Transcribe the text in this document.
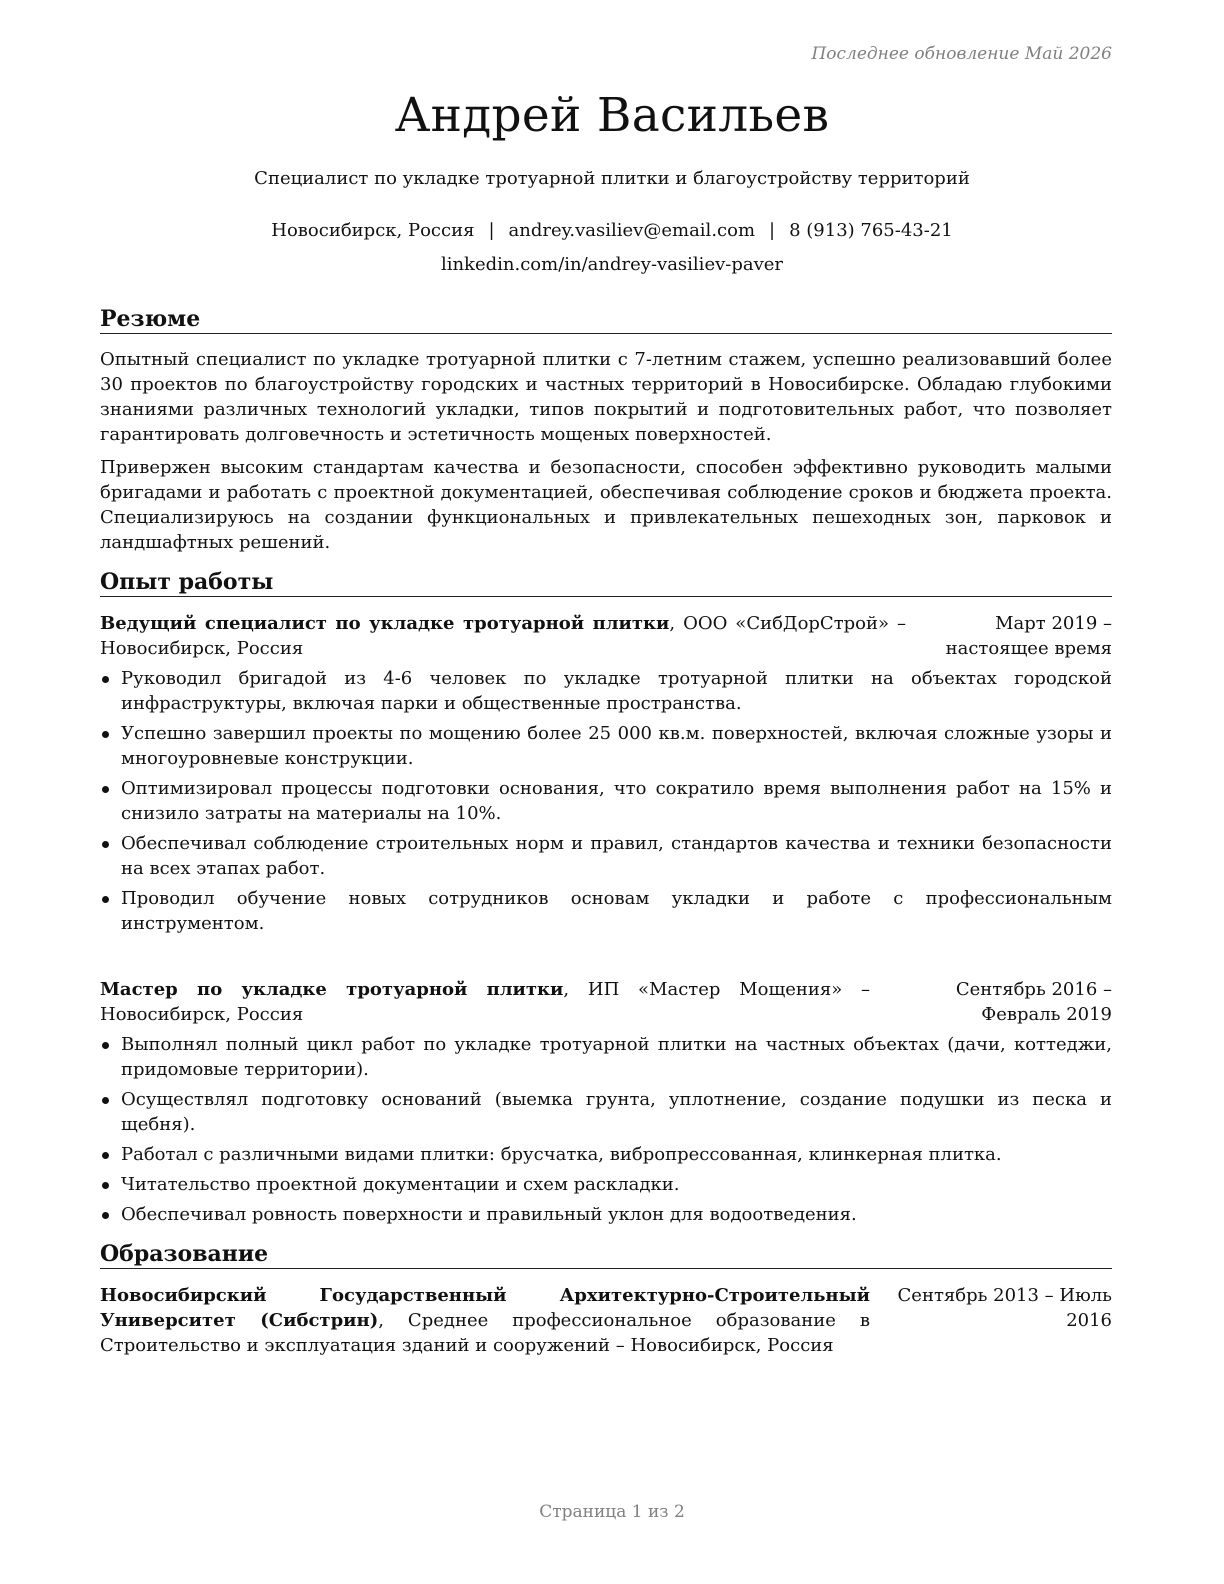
Последнее обновление Май 2026
Андрей Васильев
Специалист по укладке тротуарной плитки и благоустройству территорий
Новосибирск, Россия | andrey.vasiliev@email.com | 8 (913) 765-43-21
linkedin.com/in/andrey-vasiliev-paver
Резюме

Опытный специалист по укладке тротуарной плитки с 7-летним стажем, успешно реализовавший более 30 проектов по благоустройству городских и частных территорий в Новосибирске. Обладаю глубокими знаниями различных технологий укладки, типов покрытий и подготовительных работ, что позволяет гарантировать долговечность и эстетичность мощеных поверхностей.

Привержен высоким стандартам качества и безопасности, способен эффективно руководить малыми бригадами и работать с проектной документацией, обеспечивая соблюдение сроков и бюджета проекта. Специализируюсь на создании функциональных и привлекательных пешеходных зон, парковок и ландшафтных решений.

Опыт работы
Ведущий специалист по укладке тротуарной плитки, ООО «СибДорСтрой» – Новосибирск, Россия
Март 2019 – настоящее время
Руководил бригадой из 4-6 человек по укладке тротуарной плитки на объектах городской инфраструктуры, включая парки и общественные пространства.
Успешно завершил проекты по мощению более 25 000 кв.м. поверхностей, включая сложные узоры и многоуровневые конструкции.
Оптимизировал процессы подготовки основания, что сократило время выполнения работ на 15% и снизило затраты на материалы на 10%.
Обеспечивал соблюдение строительных норм и правил, стандартов качества и техники безопасности на всех этапах работ.
Проводил обучение новых сотрудников основам укладки и работе с профессиональным инструментом.
Мастер по укладке тротуарной плитки, ИП «Мастер Мощения» – Новосибирск, Россия
Сентябрь 2016 – Февраль 2019
Выполнял полный цикл работ по укладке тротуарной плитки на частных объектах (дачи, коттеджи, придомовые территории).
Осуществлял подготовку оснований (выемка грунта, уплотнение, создание подушки из песка и щебня).
Работал с различными видами плитки: брусчатка, вибропрессованная, клинкерная плитка.
Читательство проектной документации и схем раскладки.
Обеспечивал ровность поверхности и правильный уклон для водоотведения.
Образование
Новосибирский Государственный Архитектурно-Строительный Университет (Сибстрин), Среднее профессиональное образование в Строительство и эксплуатация зданий и сооружений – Новосибирск, Россия
Сентябрь 2013 – Июль 2016
Страница 1 из 2
